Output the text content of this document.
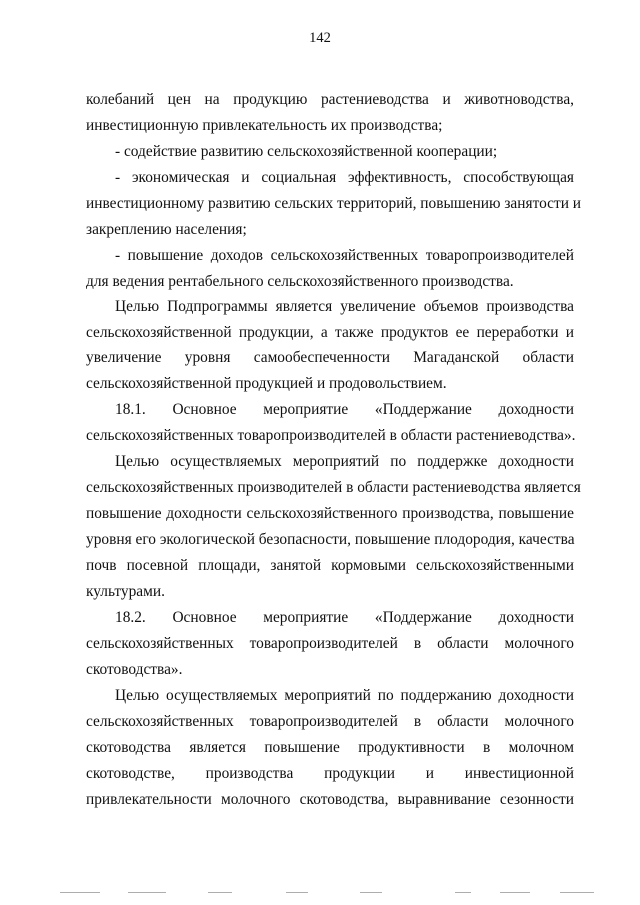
142
колебаний цен на продукцию растениеводства и животноводства,
инвестиционную привлекательность их производства;
- содействие развитию сельскохозяйственной кооперации;
- экономическая и социальная эффективность, способствующая
инвестиционному развитию сельских территорий, повышению занятости и
закреплению населения;
- повышение доходов сельскохозяйственных товаропроизводителей
для ведения рентабельного сельскохозяйственного производства.
Целью Подпрограммы является увеличение объемов производства
сельскохозяйственной продукции, а также продуктов ее переработки и
увеличение уровня самообеспеченности Магаданской области
сельскохозяйственной продукцией и продовольствием.
18.1. Основное мероприятие «Поддержание доходности
сельскохозяйственных товаропроизводителей в области растениеводства».
Целью осуществляемых мероприятий по поддержке доходности
сельскохозяйственных производителей в области растениеводства является
повышение доходности сельскохозяйственного производства, повышение
уровня его экологической безопасности, повышение плодородия, качества
почв посевной площади, занятой кормовыми сельскохозяйственными
культурами.
18.2. Основное мероприятие «Поддержание доходности
сельскохозяйственных товаропроизводителей в области молочного
скотоводства».
Целью осуществляемых мероприятий по поддержанию доходности
сельскохозяйственных товаропроизводителей в области молочного
скотоводства является повышение продуктивности в молочном
скотоводстве, производства продукции и инвестиционной
привлекательности молочного скотоводства, выравнивание сезонности
